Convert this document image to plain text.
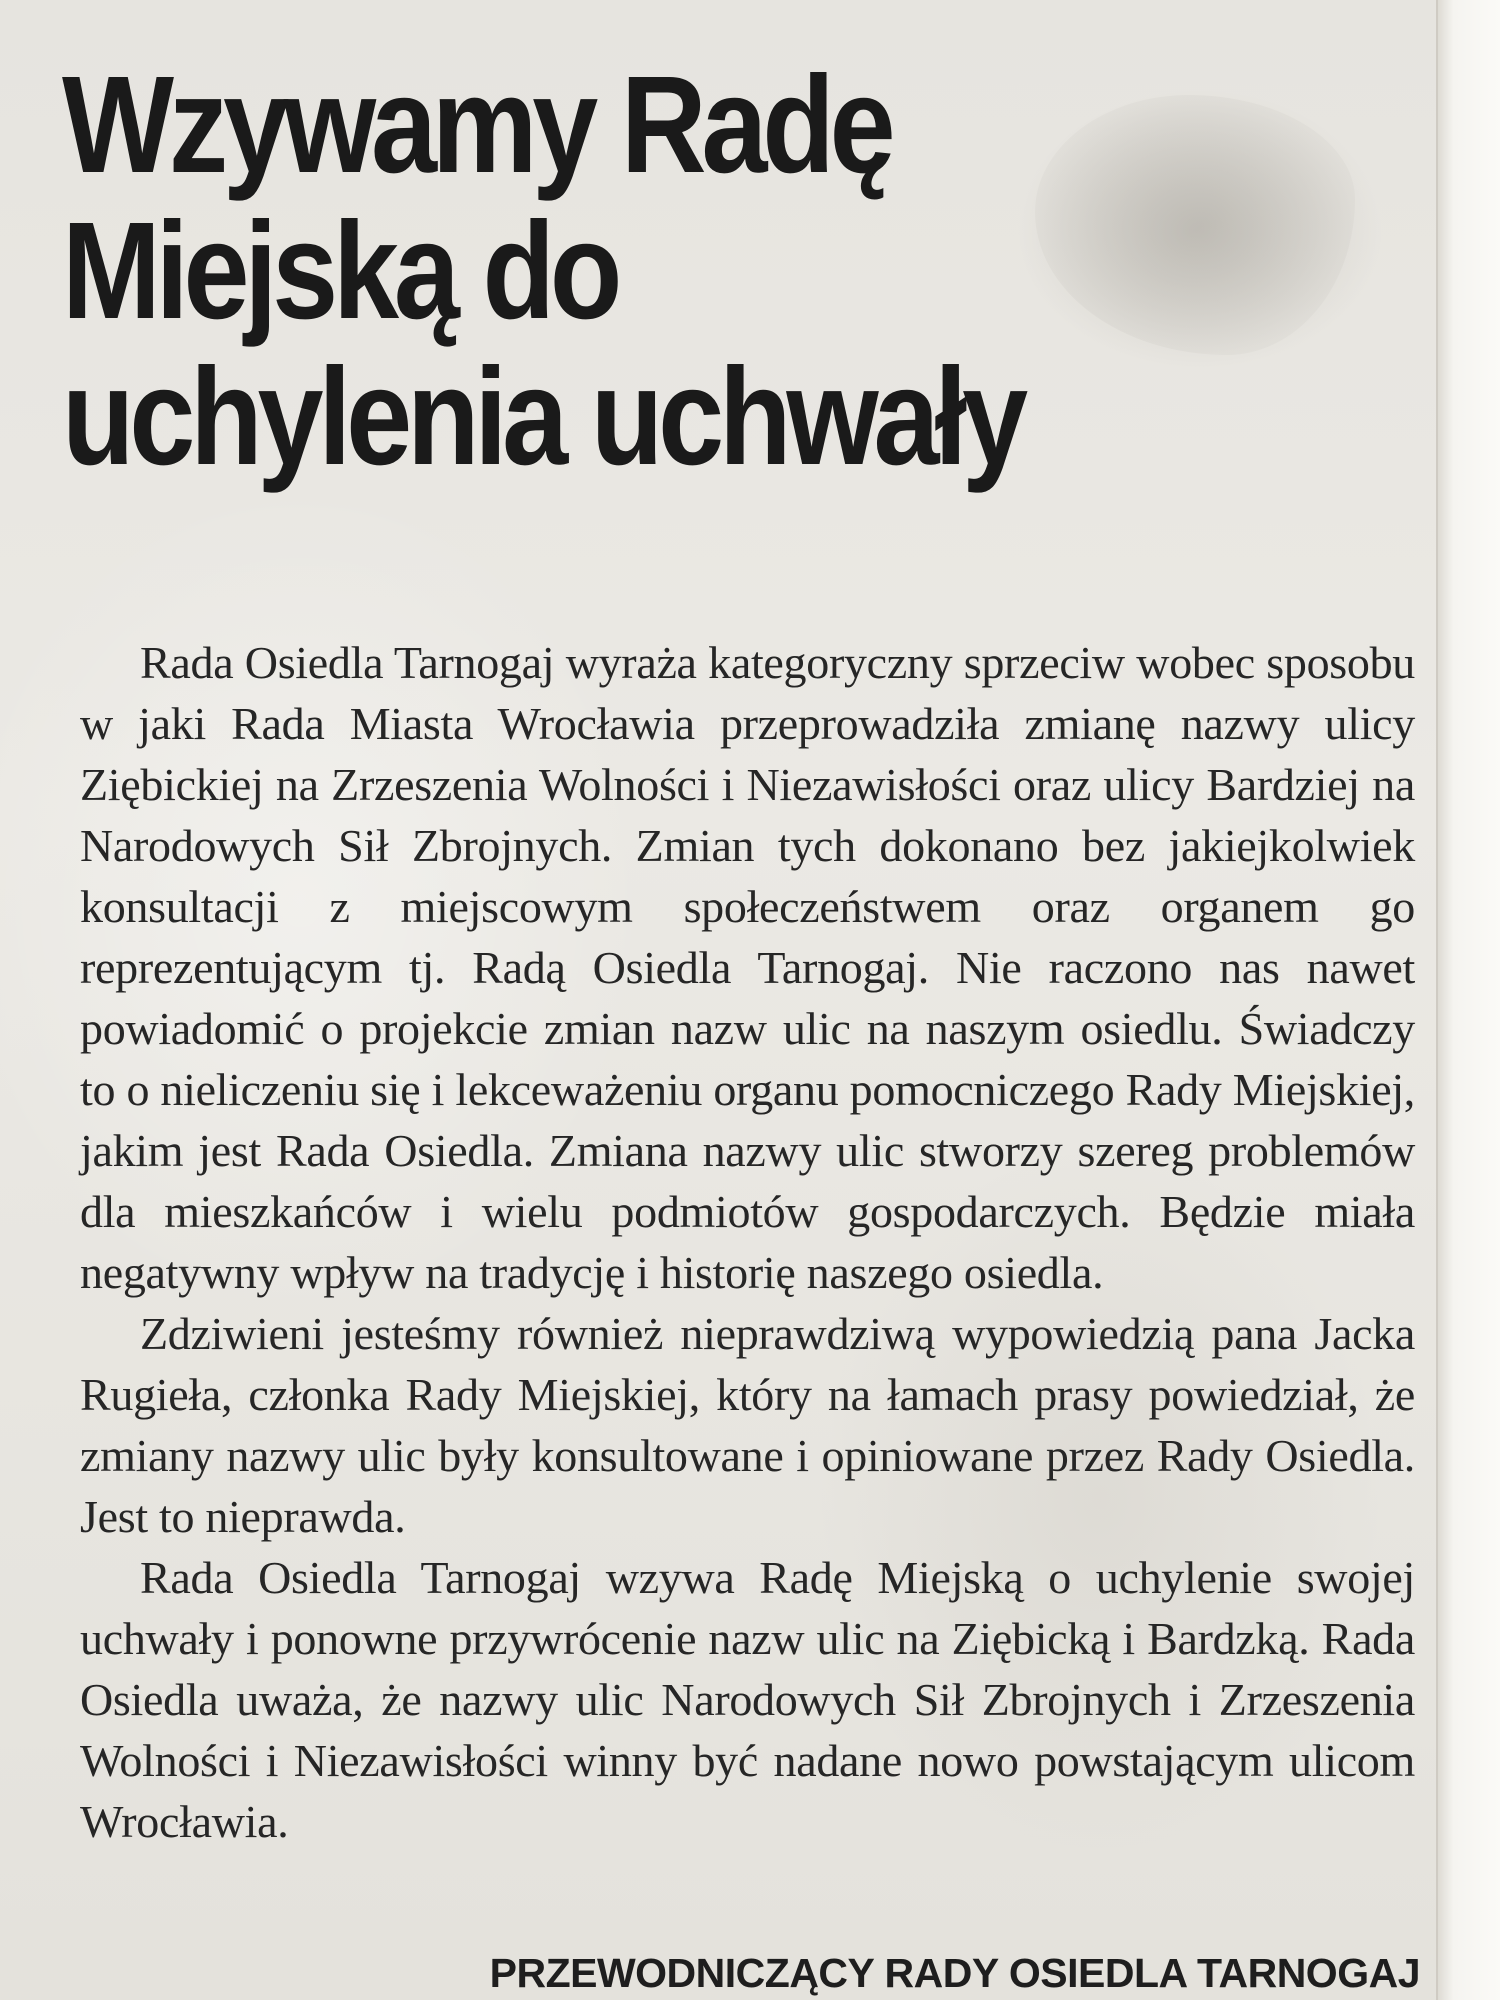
Wzywamy Radę
Miejską do
uchylenia uchwały

Rada Osiedla Tarnogaj wyraża kategoryczny sprzeciw wobec sposobu w jaki Rada Miasta Wrocławia przeprowadziła zmianę nazwy ulicy Ziębickiej na Zrzeszenia Wolności i Niezawisłości oraz ulicy Bardziej na Narodowych Sił Zbrojnych. Zmian tych dokonano bez jakiejkolwiek konsultacji z miejscowym społeczeństwem oraz organem go reprezentującym tj. Radą Osiedla Tarnogaj. Nie raczono nas nawet powiadomić o projekcie zmian nazw ulic na naszym osiedlu. Świadczy to o nieliczeniu się i lekceważeniu organu pomocniczego Rady Miejskiej, jakim jest Rada Osiedla. Zmiana nazwy ulic stworzy szereg problemów dla mieszkańców i wielu podmiotów gospodarczych. Będzie miała negatywny wpływ na tradycję i historię naszego osiedla.

Zdziwieni jesteśmy również nieprawdziwą wypowiedzią pana Jacka Rugieła, członka Rady Miejskiej, który na łamach prasy powiedział, że zmiany nazwy ulic były konsultowane i opiniowane przez Rady Osiedla. Jest to nieprawda.

Rada Osiedla Tarnogaj wzywa Radę Miejską o uchylenie swojej uchwały i ponowne przywrócenie nazw ulic na Ziębicką i Bardzką. Rada Osiedla uważa, że nazwy ulic Narodowych Sił Zbrojnych i Zrzeszenia Wolności i Niezawisłości winny być nadane nowo powstającym ulicom Wrocławia.

PRZEWODNICZĄCY RADY OSIEDLA TARNOGAJ
